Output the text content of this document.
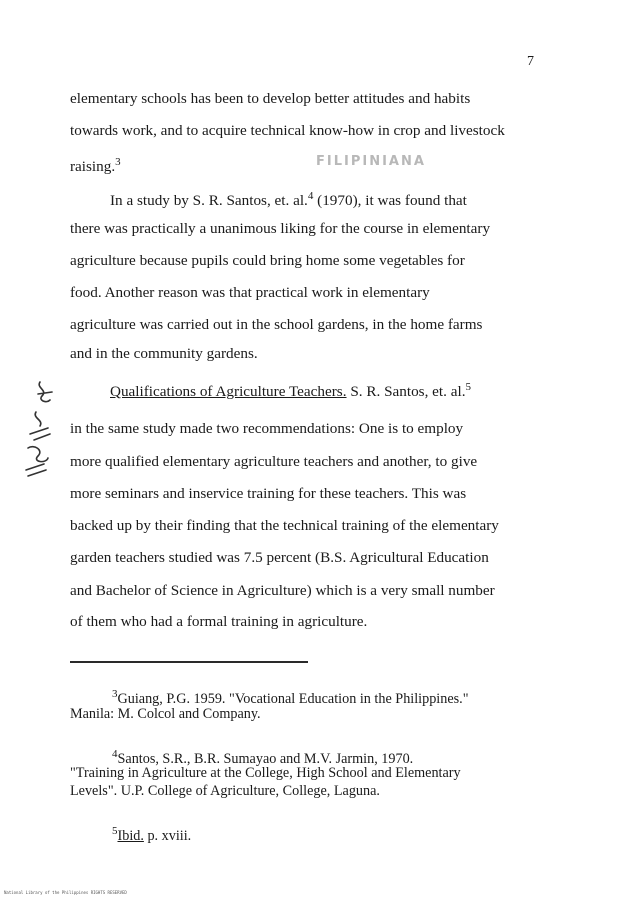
7
FILIPINIANA
elementary schools has been to develop better attitudes and habits
towards work, and to acquire technical know-how in crop and livestock
raising.$^3$
In a study by S. R. Santos, et. al.$^4$ (1970), it was found that
there was practically a unanimous liking for the course in elementary
agriculture because pupils could bring home some vegetables for
food. Another reason was that practical work in elementary
agriculture was carried out in the school gardens, in the home farms
and in the community gardens.
Qualifications of Agriculture Teachers. S. R. Santos, et. al.$^5$
in the same study made two recommendations: One is to employ
more qualified elementary agriculture teachers and another, to give
more seminars and inservice training for these teachers. This was
backed up by their finding that the technical training of the elementary
garden teachers studied was 7.5 percent (B.S. Agricultural Education
and Bachelor of Science in Agriculture) which is a very small number
of them who had a formal training in agriculture.
$^3$Guiang, P.G. 1959. "Vocational Education in the Philippines."
Manila: M. Colcol and Company.
$^4$Santos, S.R., B.R. Sumayao and M.V. Jarmin, 1970.
"Training in Agriculture at the College, High School and Elementary
Levels". U.P. College of Agriculture, College, Laguna.
$^5$Ibid. p. xviii.
National Library of the Philippines RIGHTS RESERVED
